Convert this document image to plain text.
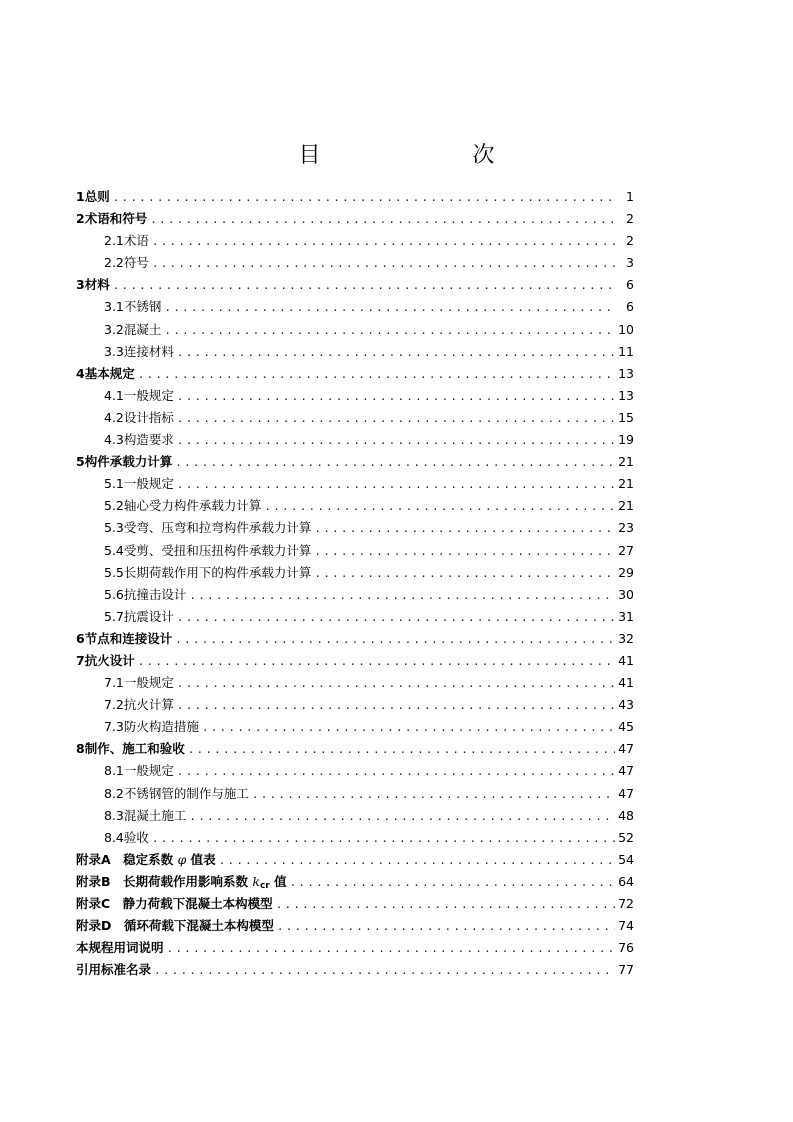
目　　次
1 总则 .....	1
2 术语和符号 .....	2
2.1 术语 .....	2
2.2 符号 .....	3
3 材料 .....	6
3.1 不锈钢 .....	6
3.2 混凝土 .....	10
3.3 连接材料 .....	11
4 基本规定 .....	13
4.1 一般规定 .....	13
4.2 设计指标 .....	15
4.3 构造要求 .....	19
5 构件承载力计算 .....	21
5.1 一般规定 .....	21
5.2 轴心受力构件承载力计算 .....	21
5.3 受弯、压弯和拉弯构件承载力计算 .....	23
5.4 受剪、受扭和压扭构件承载力计算 .....	27
5.5 长期荷载作用下的构件承载力计算 .....	29
5.6 抗撞击设计 .....	30
5.7 抗震设计 .....	31
6 节点和连接设计 .....	32
7 抗火设计 .....	41
7.1 一般规定 .....	41
7.2 抗火计算 .....	43
7.3 防火构造措施 .....	45
8 制作、施工和验收 .....	47
8.1 一般规定 .....	47
8.2 不锈钢管的制作与施工 .....	47
8.3 混凝土施工 .....	48
8.4 验收 .....	52
附录A　稳定系数 φ 值表 .....	54
附录B　长期荷载作用影响系数 $k_{cr}$ 值 .....	64
附录C　静力荷载下混凝土本构模型 .....	72
附录D　循环荷载下混凝土本构模型 .....	74
本规程用词说明 .....	76
引用标准名录 .....	77
